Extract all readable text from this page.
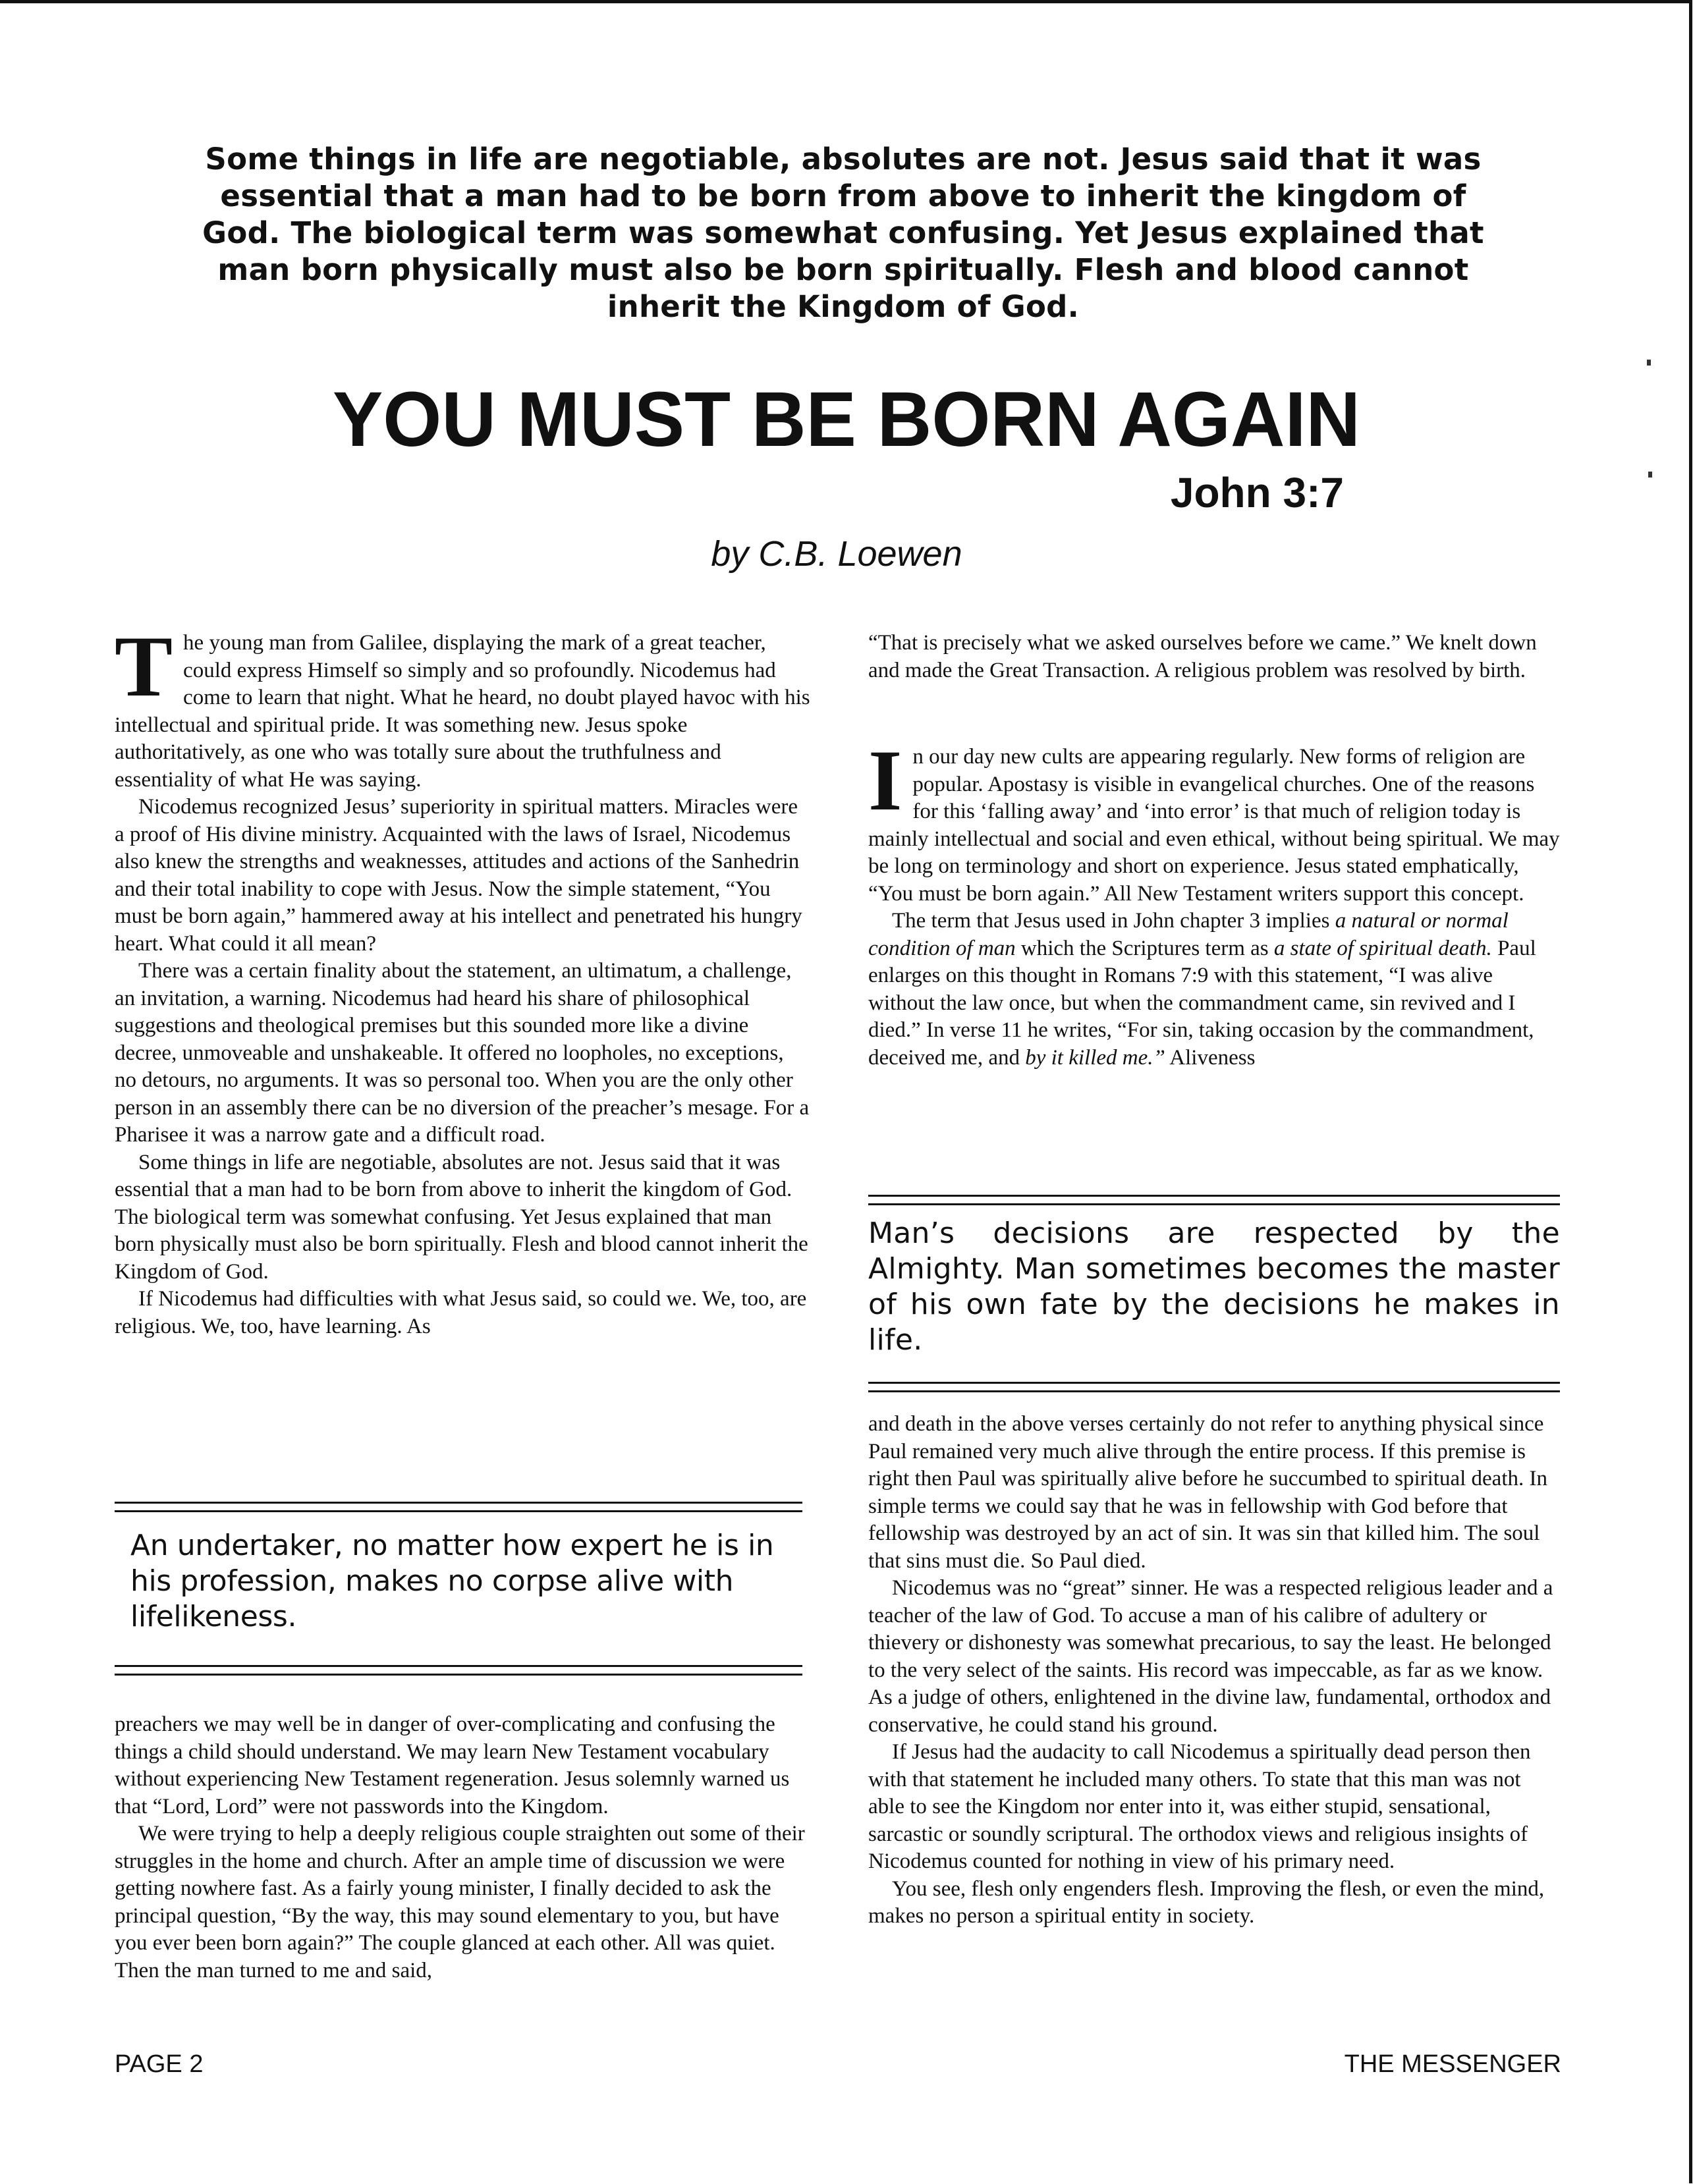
Some things in life are negotiable, absolutes are not. Jesus said that it was essential that a man had to be born from above to inherit the kingdom of God. The biological term was somewhat confusing. Yet Jesus explained that man born physically must also be born spiritually. Flesh and blood cannot inherit the Kingdom of God.
YOU MUST BE BORN AGAIN
John 3:7
by C.B. Loewen

The young man from Galilee, displaying the mark of a great teacher, could express Himself so simply and so profoundly. Nicodemus had come to learn that night. What he heard, no doubt played havoc with his intellectual and spiritual pride. It was something new. Jesus spoke authoritatively, as one who was totally sure about the truthfulness and essentiality of what He was saying.

Nicodemus recognized Jesus’ superiority in spiritual matters. Miracles were a proof of His divine ministry. Acquainted with the laws of Israel, Nicodemus also knew the strengths and weaknesses, attitudes and actions of the Sanhedrin and their total inability to cope with Jesus. Now the simple statement, “You must be born again,” hammered away at his intellect and penetrated his hungry heart. What could it all mean?

There was a certain finality about the statement, an ultimatum, a challenge, an invitation, a warning. Nicodemus had heard his share of philosophical suggestions and theological premises but this sounded more like a divine decree, unmoveable and unshakeable. It offered no loopholes, no exceptions, no detours, no arguments. It was so personal too. When you are the only other person in an assembly there can be no diversion of the preacher’s mesage. For a Pharisee it was a narrow gate and a difficult road.

Some things in life are negotiable, absolutes are not. Jesus said that it was essential that a man had to be born from above to inherit the kingdom of God. The biological term was somewhat confusing. Yet Jesus explained that man born physically must also be born spiritually. Flesh and blood cannot inherit the Kingdom of God.

If Nicodemus had difficulties with what Jesus said, so could we. We, too, are religious. We, too, have learning. As

An undertaker, no matter how expert he is in his profession, makes no corpse alive with lifelikeness.

preachers we may well be in danger of over-complicating and confusing the things a child should understand. We may learn New Testament vocabulary without experiencing New Testament regeneration. Jesus solemnly warned us that “Lord, Lord” were not passwords into the Kingdom.

We were trying to help a deeply religious couple straighten out some of their struggles in the home and church. After an ample time of discussion we were getting nowhere fast. As a fairly young minister, I finally decided to ask the principal question, “By the way, this may sound elementary to you, but have you ever been born again?” The couple glanced at each other. All was quiet. Then the man turned to me and said,

“That is precisely what we asked ourselves before we came.” We knelt down and made the Great Transaction. A religious problem was resolved by birth.

In our day new cults are appearing regularly. New forms of religion are popular. Apostasy is visible in evangelical churches. One of the reasons for this ‘falling away’ and ‘into error’ is that much of religion today is mainly intellectual and social and even ethical, without being spiritual. We may be long on terminology and short on experience. Jesus stated emphatically, “You must be born again.” All New Testament writers support this concept.

The term that Jesus used in John chapter 3 implies a natural or normal condition of man which the Scriptures term as a state of spiritual death. Paul enlarges on this thought in Romans 7:9 with this statement, “I was alive without the law once, but when the commandment came, sin revived and I died.” In verse 11 he writes, “For sin, taking occasion by the commandment, deceived me, and by it killed me.” Aliveness

Man’s decisions are respected by the Almighty. Man sometimes becomes the master of his own fate by the decisions he makes in life.

and death in the above verses certainly do not refer to anything physical since Paul remained very much alive through the entire process. If this premise is right then Paul was spiritually alive before he succumbed to spiritual death. In simple terms we could say that he was in fellowship with God before that fellowship was destroyed by an act of sin. It was sin that killed him. The soul that sins must die. So Paul died.

Nicodemus was no “great” sinner. He was a respected religious leader and a teacher of the law of God. To accuse a man of his calibre of adultery or thievery or dishonesty was somewhat precarious, to say the least. He belonged to the very select of the saints. His record was impeccable, as far as we know. As a judge of others, enlightened in the divine law, fundamental, orthodox and conservative, he could stand his ground.

If Jesus had the audacity to call Nicodemus a spiritually dead person then with that statement he included many others. To state that this man was not able to see the Kingdom nor enter into it, was either stupid, sensational, sarcastic or soundly scriptural. The orthodox views and religious insights of Nicodemus counted for nothing in view of his primary need.

You see, flesh only engenders flesh. Improving the flesh, or even the mind, makes no person a spiritual entity in society.

PAGE 2	THE MESSENGER
